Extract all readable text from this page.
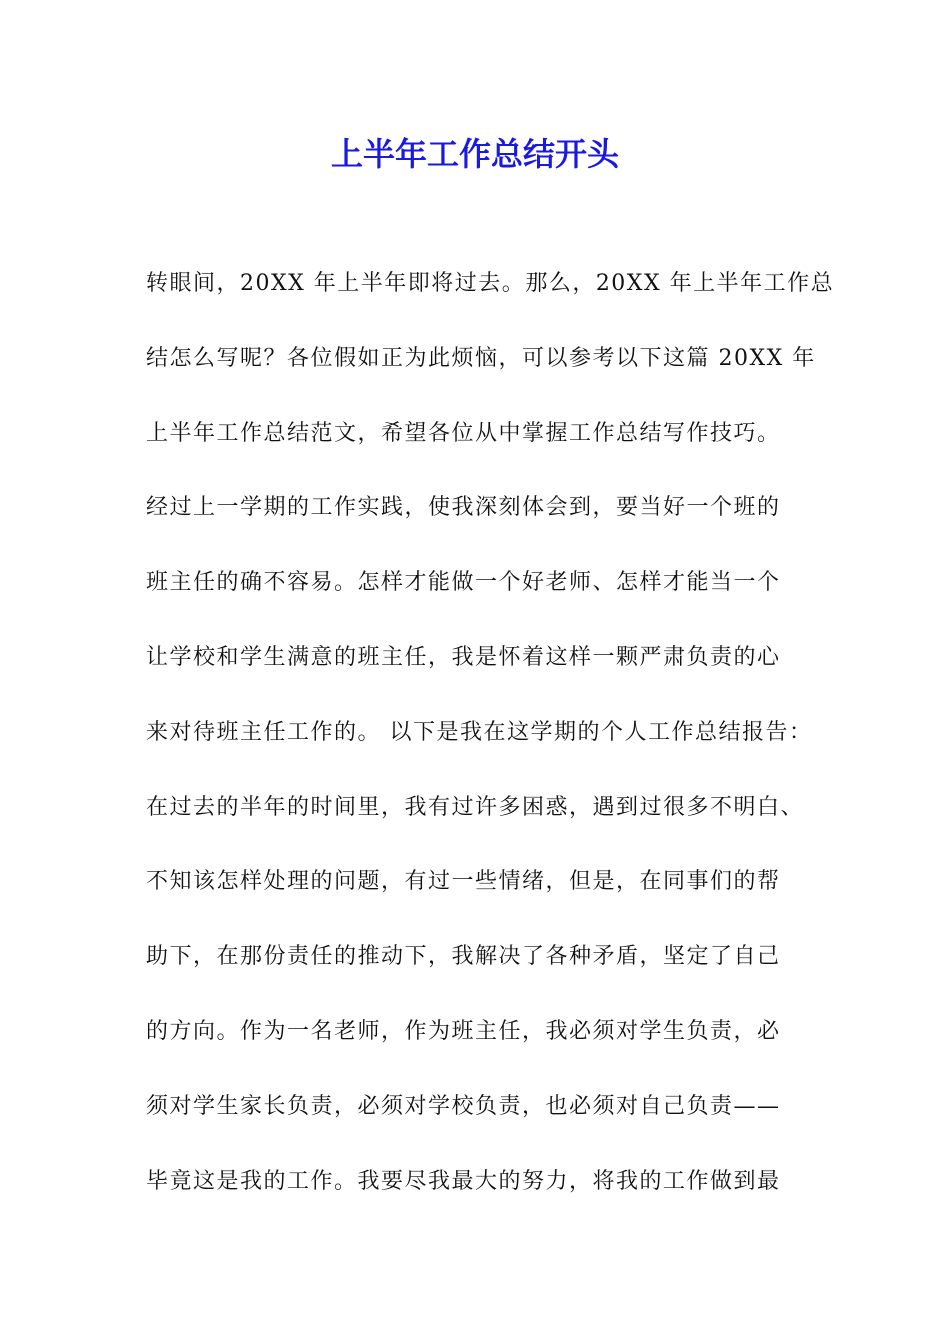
上半年工作总结开头
转眼间，20XX 年上半年即将过去。那么，20XX 年上半年工作总
结怎么写呢？各位假如正为此烦恼，可以参考以下这篇 20XX 年
上半年工作总结范文，希望各位从中掌握工作总结写作技巧。
经过上一学期的工作实践，使我深刻体会到，要当好一个班的
班主任的确不容易。怎样才能做一个好老师、怎样才能当一个
让学校和学生满意的班主任，我是怀着这样一颗严肃负责的心
来对待班主任工作的。 以下是我在这学期的个人工作总结报告：
在过去的半年的时间里，我有过许多困惑，遇到过很多不明白、
不知该怎样处理的问题，有过一些情绪，但是，在同事们的帮
助下，在那份责任的推动下，我解决了各种矛盾，坚定了自己
的方向。作为一名老师，作为班主任，我必须对学生负责，必
须对学生家长负责，必须对学校负责，也必须对自己负责——
毕竟这是我的工作。我要尽我最大的努力，将我的工作做到最
